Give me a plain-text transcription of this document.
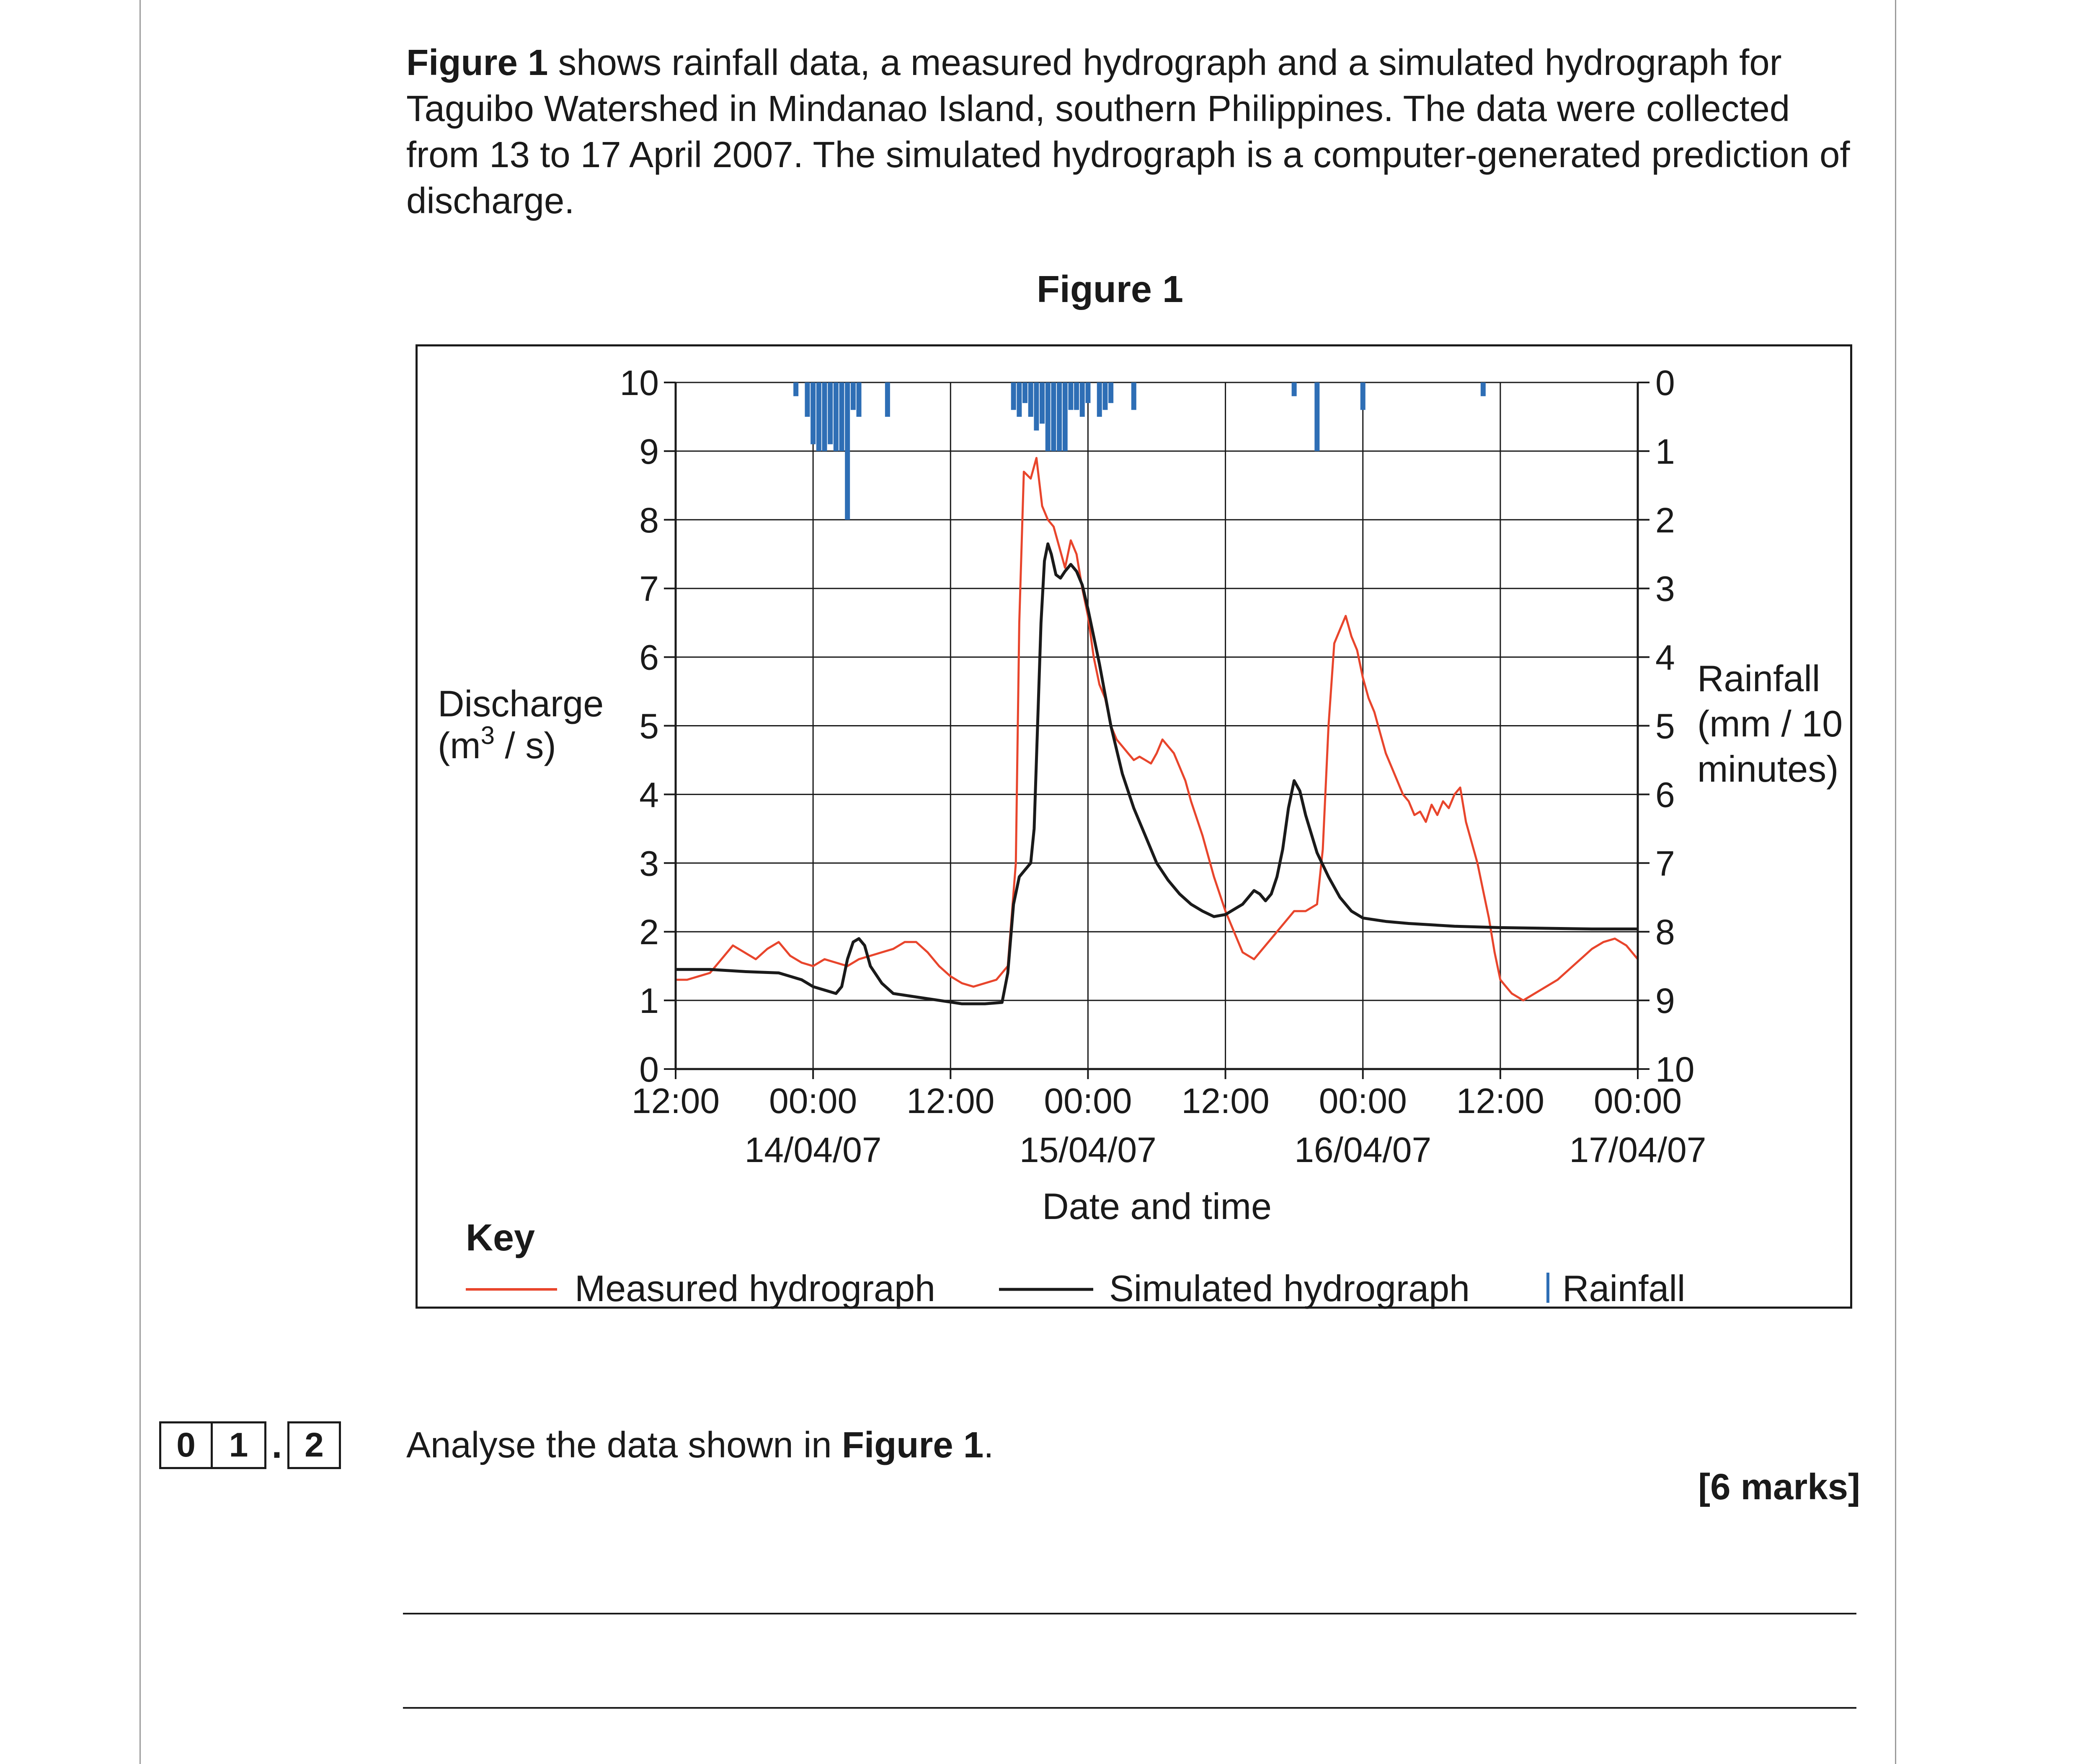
Figure 1 shows rainfall data, a measured hydrograph and a simulated hydrograph for Taguibo Watershed in Mindanao Island, southern Philippines. The data were collected from 13 to 17 April 2007. The simulated hydrograph is a computer-generated prediction of discharge.
Figure 1
0	10
1	9
2	8
3	7
4	6
5	5
6	4
7	3
8	2
9	1
10	0
12:00 00:00
14/04/07
12:00 00:00
15/04/07
12:00 00:00
16/04/07
12:00 00:00
17/04/07
Discharge
$(m^3 / s)$
Rainfall
(mm / 10
minutes)
Date and time
Key
Measured hydrograph	Simulated hydrograph	Rainfall
0 1 . 2	Analyse the data shown in Figure 1.
[6 marks]
